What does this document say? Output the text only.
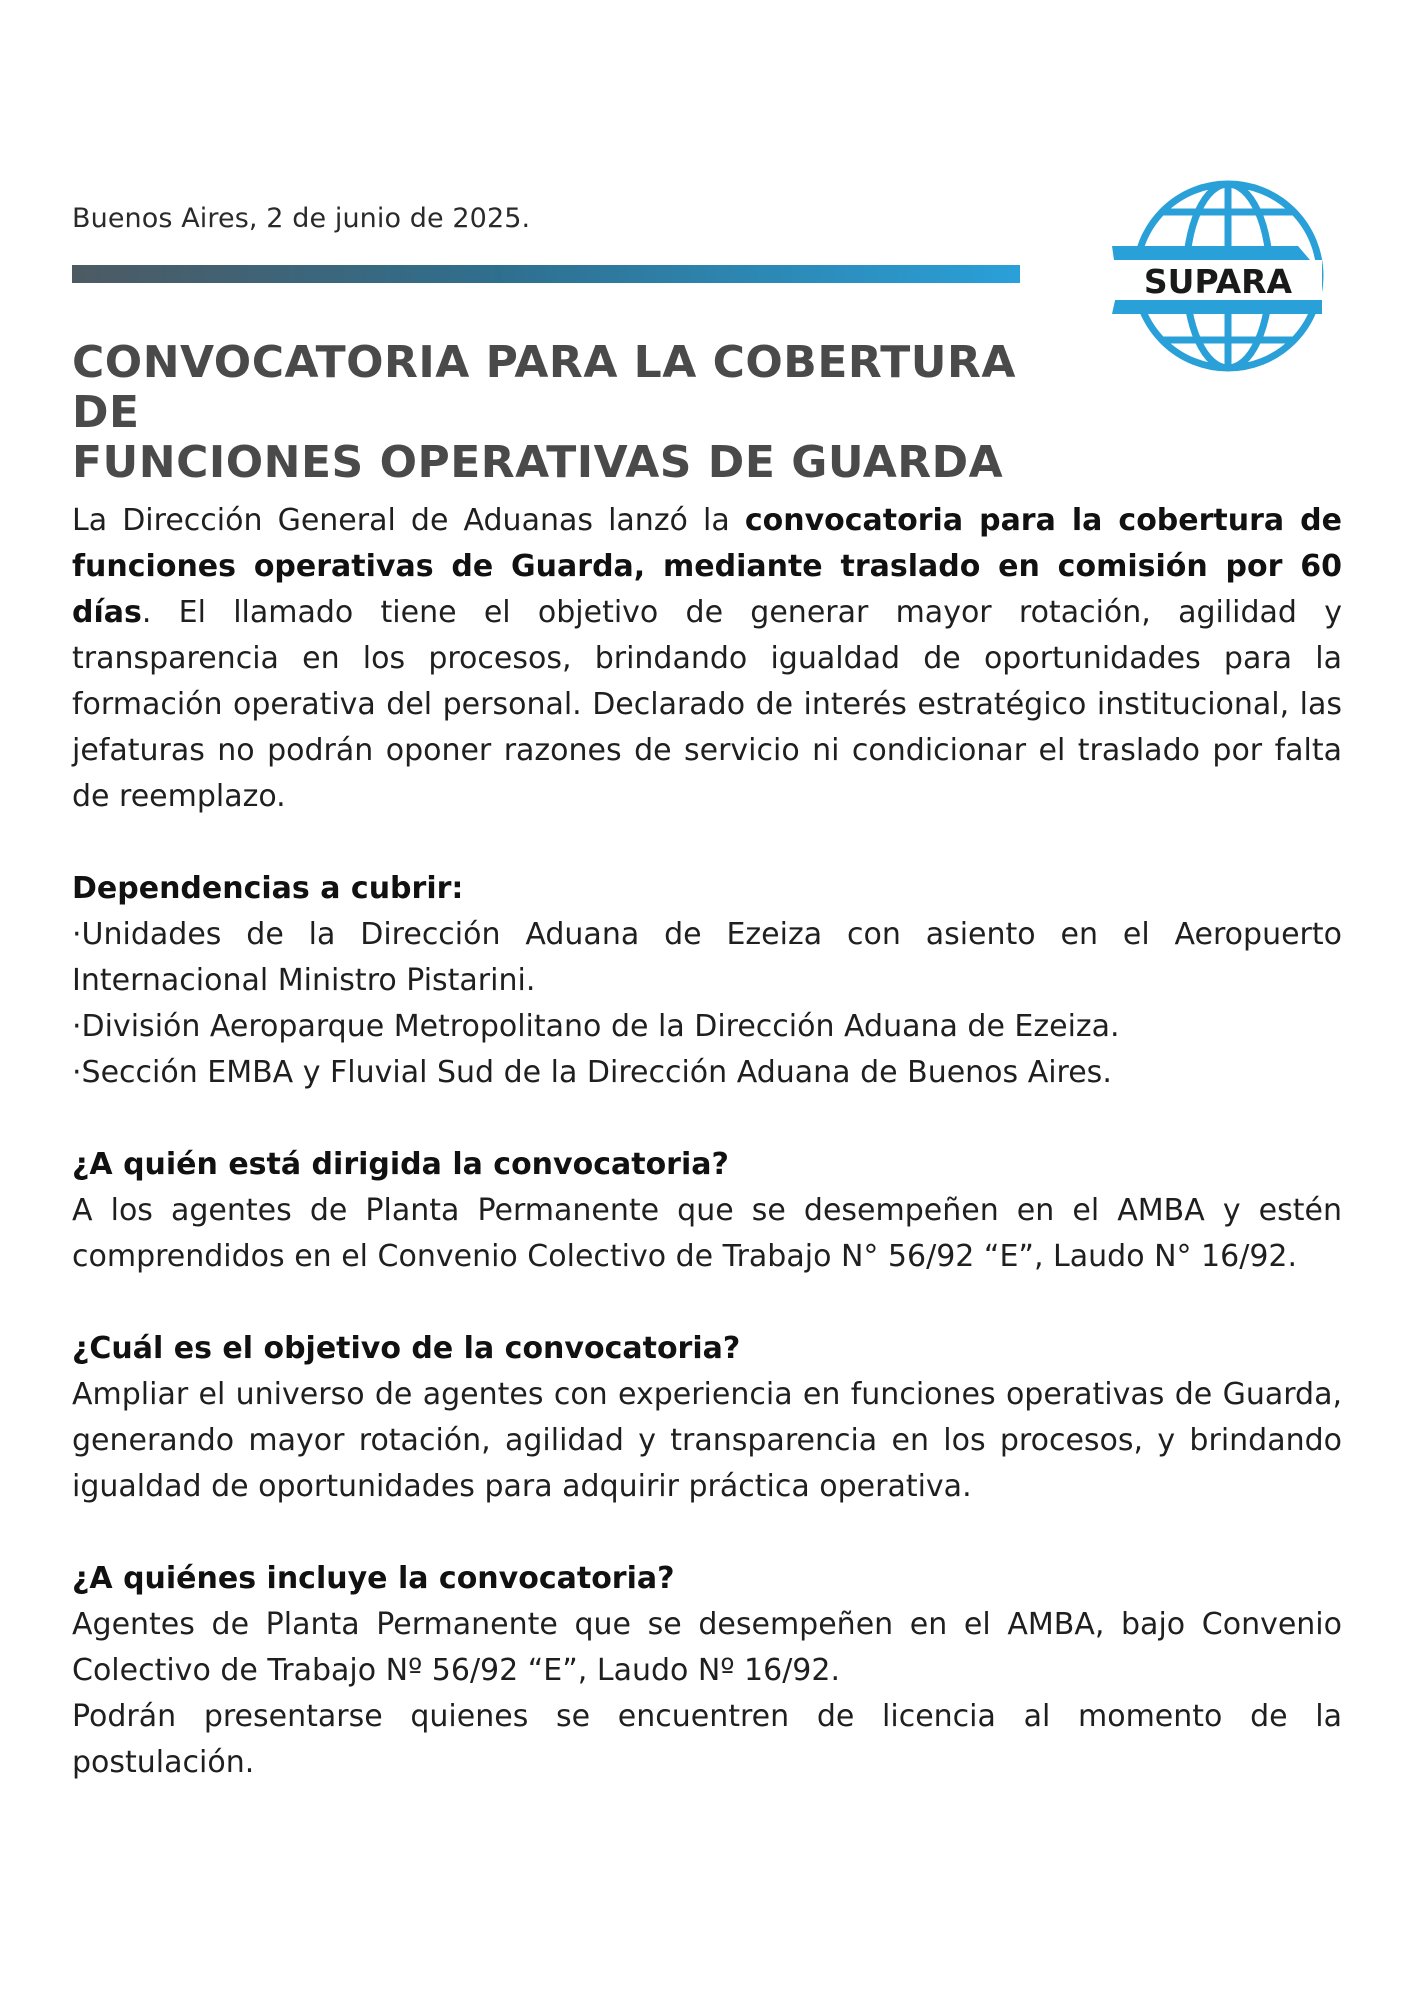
Buenos Aires, 2 de junio de 2025.
SUPARA
CONVOCATORIA PARA LA COBERTURA DE
FUNCIONES OPERATIVAS DE GUARDA

La Dirección General de Aduanas lanzó la convocatoria para la cobertura de funciones operativas de Guarda, mediante traslado en comisión por 60 días. El llamado tiene el objetivo de generar mayor rotación, agilidad y transparencia en los procesos, brindando igualdad de oportunidades para la formación operativa del personal. Declarado de interés estratégico institucional, las jefaturas no podrán oponer razones de servicio ni condicionar el traslado por falta de reemplazo.

Dependencias a cubrir:

·Unidades de la Dirección Aduana de Ezeiza con asiento en el Aeropuerto Internacional Ministro Pistarini.

·División Aeroparque Metropolitano de la Dirección Aduana de Ezeiza.

·Sección EMBA y Fluvial Sud de la Dirección Aduana de Buenos Aires.

¿A quién está dirigida la convocatoria?

A los agentes de Planta Permanente que se desempeñen en el AMBA y estén comprendidos en el Convenio Colectivo de Trabajo N° 56/92 “E”, Laudo N° 16/92.

¿Cuál es el objetivo de la convocatoria?

Ampliar el universo de agentes con experiencia en funciones operativas de Guarda, generando mayor rotación, agilidad y transparencia en los procesos, y brindando igualdad de oportunidades para adquirir práctica operativa.

¿A quiénes incluye la convocatoria?

Agentes de Planta Permanente que se desempeñen en el AMBA, bajo Convenio Colectivo de Trabajo Nº 56/92 “E”, Laudo Nº 16/92.

Podrán presentarse quienes se encuentren de licencia al momento de la postulación.
